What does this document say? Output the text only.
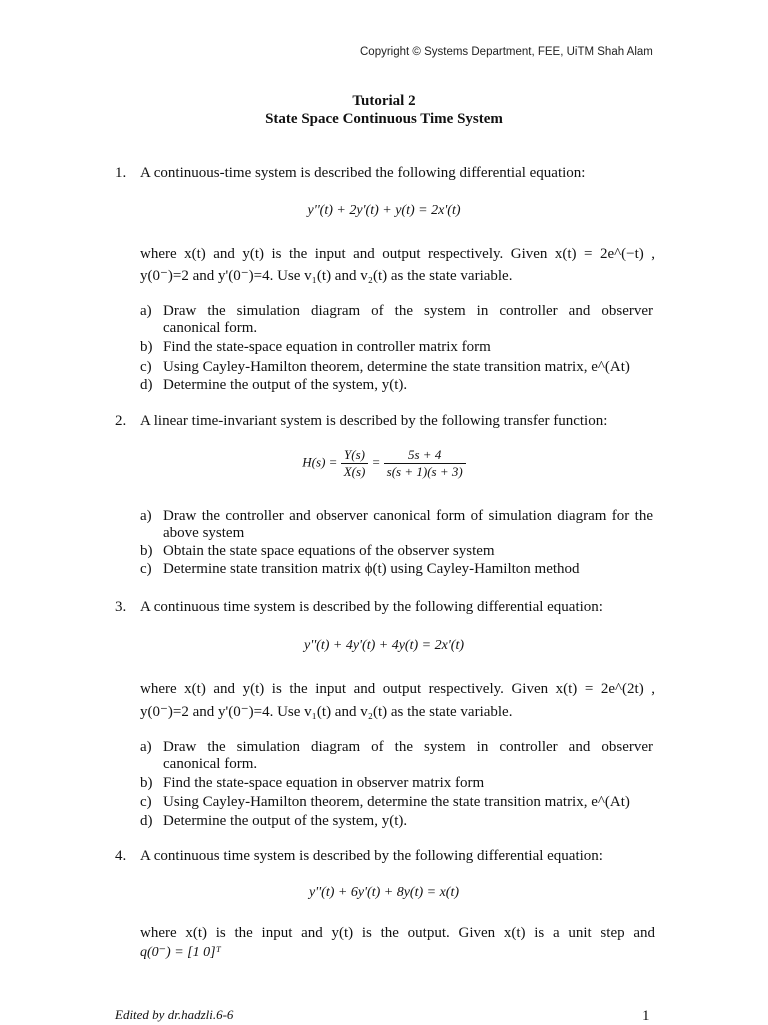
Copyright © Systems Department, FEE, UiTM Shah Alam
Tutorial 2
State Space Continuous Time System
1. A continuous-time system is described the following differential equation:
y''(t) + 2y'(t) + y(t) = 2x'(t)
where x(t) and y(t) is the input and output respectively. Given x(t) = 2e^(−t) ,
y(0⁻)=2 and y'(0⁻)=4. Use v₁(t) and v₂(t) as the state variable.
a) Draw the simulation diagram of the system in controller and observer
canonical form.
b) Find the state-space equation in controller matrix form
c) Using Cayley-Hamilton theorem, determine the state transition matrix, e^(At)
d) Determine the output of the system, y(t).
2. A linear time-invariant system is described by the following transfer function:
$H(s) = \frac{Y(s)}{X(s)} = \frac{5s + 4}{s(s + 1)(s + 3)}$
a) Draw the controller and observer canonical form of simulation diagram for the
above system
b) Obtain the state space equations of the observer system
c) Determine state transition matrix ϕ(t) using Cayley-Hamilton method
3. A continuous time system is described by the following differential equation:
y''(t) + 4y'(t) + 4y(t) = 2x'(t)
where x(t) and y(t) is the input and output respectively. Given x(t) = 2e^(2t) ,
y(0⁻)=2 and y'(0⁻)=4. Use v₁(t) and v₂(t) as the state variable.
a) Draw the simulation diagram of the system in controller and observer
canonical form.
b) Find the state-space equation in observer matrix form
c) Using Cayley-Hamilton theorem, determine the state transition matrix, e^(At)
d) Determine the output of the system, y(t).
4. A continuous time system is described by the following differential equation:
y''(t) + 6y'(t) + 8y(t) = x(t)
where x(t) is the input and y(t) is the output. Given x(t) is a unit step and
q(0⁻) = [1 0]ᵀ
Edited by dr.hadzli.6-6	1
